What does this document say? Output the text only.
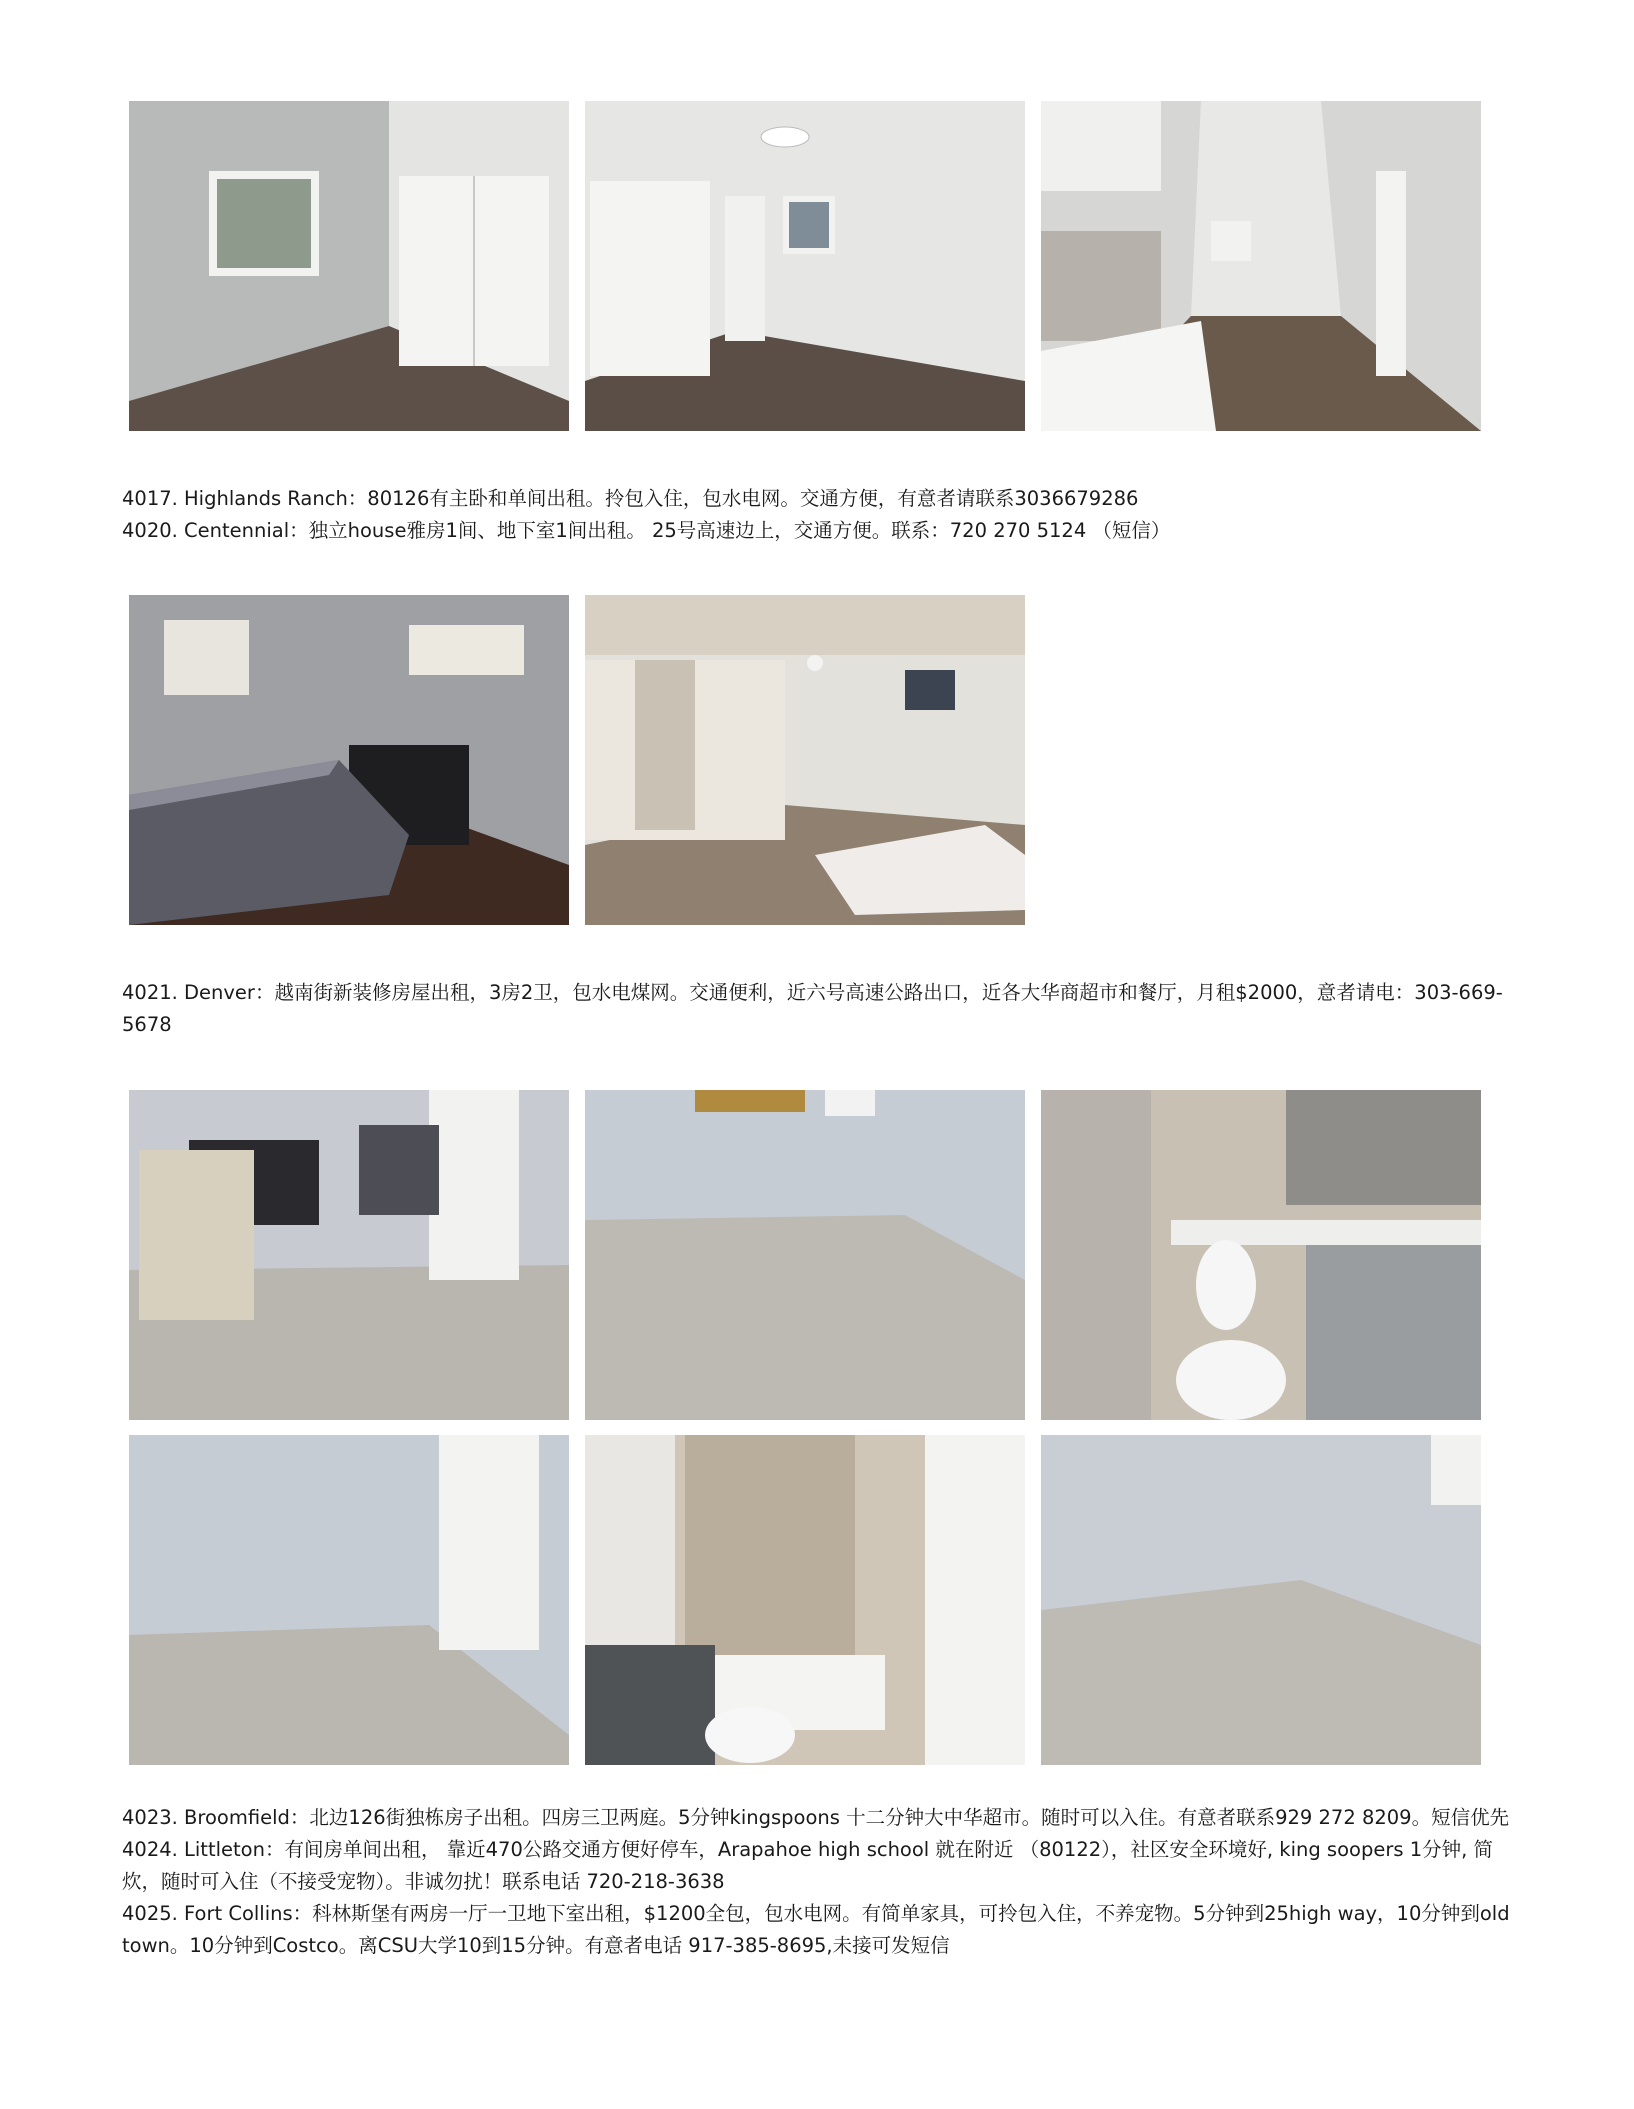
4017. Highlands Ranch：80126有主卧和单间出租。拎包入住，包水电网。交通方便，有意者请联系3036679286

4020. Centennial：独立house雅房1间、地下室1间出租。 25号高速边上，交通方便。联系：720 270 5124 （短信）

4021. Denver：越南街新装修房屋出租，3房2卫，包水电煤网。交通便利，近六号高速公路出口，近各大华商超市和餐厅，月租$2000，意者请电：303-669-5678

4023. Broomfield：北边126街独栋房子出租。四房三卫两庭。5分钟kingspoons 十二分钟大中华超市。随时可以入住。有意者联系929 272 8209。短信优先

4024. Littleton：有间房单间出租， 靠近470公路交通方便好停车，Arapahoe high school 就在附近 （80122），社区安全环境好, king soopers 1分钟, 简炊，随时可入住（不接受宠物）。非诚勿扰！联系电话 720-218-3638

4025. Fort Collins：科林斯堡有两房一厅一卫地下室出租，$1200全包，包水电网。有简单家具，可拎包入住，不养宠物。5分钟到25high way，10分钟到old town。10分钟到Costco。离CSU大学10到15分钟。有意者电话 917-385-8695,未接可发短信
